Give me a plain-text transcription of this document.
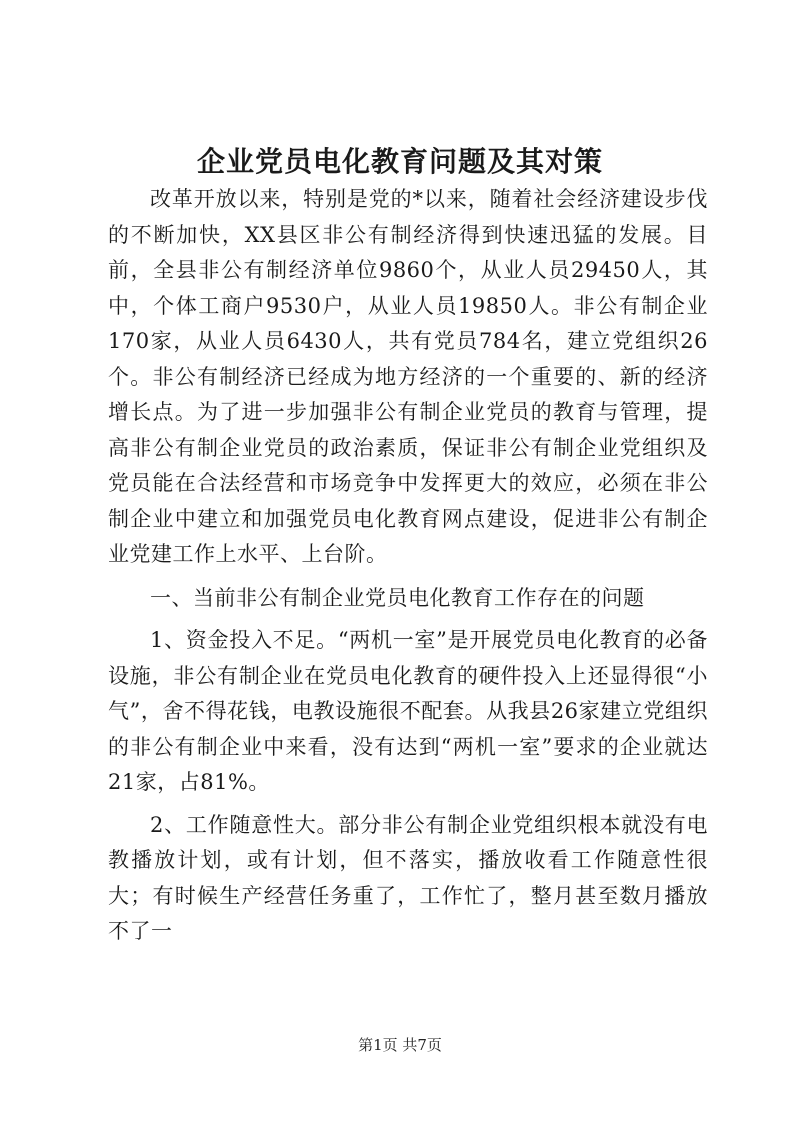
企业党员电化教育问题及其对策

改革开放以来，特别是党的*以来，随着社会经济建设步伐的不断加快，XX县区非公有制经济得到快速迅猛的发展。目前，全县非公有制经济单位9860个，从业人员29450人，其中，个体工商户9530户，从业人员19850人。非公有制企业170家，从业人员6430人，共有党员784名，建立党组织26个。非公有制经济已经成为地方经济的一个重要的、新的经济增长点。为了进一步加强非公有制企业党员的教育与管理，提高非公有制企业党员的政治素质，保证非公有制企业党组织及党员能在合法经营和市场竞争中发挥更大的效应，必须在非公制企业中建立和加强党员电化教育网点建设，促进非公有制企业党建工作上水平、上台阶。

一、当前非公有制企业党员电化教育工作存在的问题

1、资金投入不足。“两机一室”是开展党员电化教育的必备设施，非公有制企业在党员电化教育的硬件投入上还显得很“小气”，舍不得花钱，电教设施很不配套。从我县26家建立党组织的非公有制企业中来看，没有达到“两机一室”要求的企业就达21家，占81%。

2、工作随意性大。部分非公有制企业党组织根本就没有电教播放计划，或有计划，但不落实，播放收看工作随意性很大；有时候生产经营任务重了，工作忙了，整月甚至数月播放不了一

第1页 共7页
